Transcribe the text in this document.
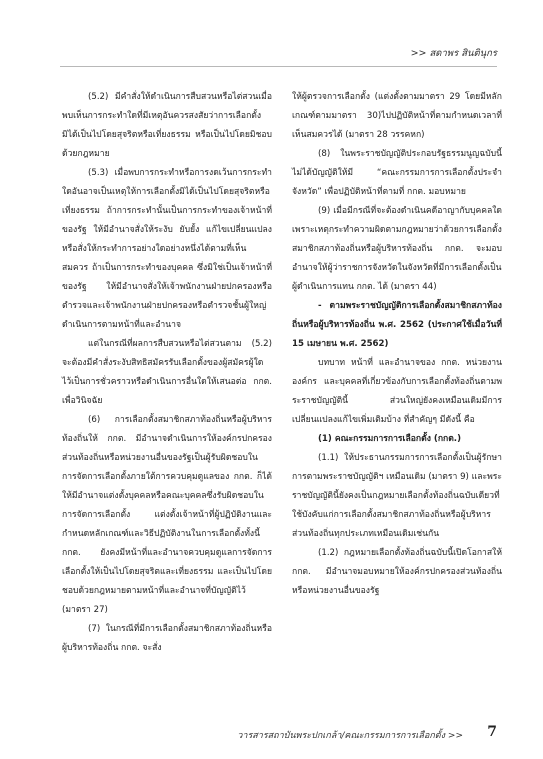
>> สดาพร สินตินุกร

(5.2) มีคำสั่งให้ดำเนินการสืบสวนหรือไต่สวนเมื่อพบเห็นการกระทำใดที่มีเหตุอันควรสงสัยว่าการเลือกตั้งมิได้เป็นไปโดยสุจริตหรือเที่ยงธรรม หรือเป็นไปโดยมิชอบด้วยกฎหมาย

(5.3) เมื่อพบการกระทำหรือการงดเว้นการกระทำใดอันอาจเป็นเหตุให้การเลือกตั้งมิได้เป็นไปโดยสุจริตหรือเที่ยงธรรม ถ้าการกระทำนั้นเป็นการกระทำของเจ้าหน้าที่ของรัฐ ให้มีอำนาจสั่งให้ระงับ ยับยั้ง แก้ไขเปลี่ยนแปลง หรือสั่งให้กระทำการอย่างใดอย่างหนึ่งได้ตามที่เห็นสมควร ถ้าเป็นการกระทำของบุคคล ซึ่งมิใช่เป็นเจ้าหน้าที่ของรัฐ ให้มีอำนาจสั่งให้เจ้าพนักงานฝ่ายปกครองหรือตำรวจและเจ้าพนักงานฝ่ายปกครองหรือตำรวจชั้นผู้ใหญ่ดำเนินการตามหน้าที่และอำนาจ

แต่ในกรณีที่ผลการสืบสวนหรือไต่สวนตาม (5.2) จะต้องมีคำสั่งระงับสิทธิสมัครรับเลือกตั้งของผู้สมัครผู้ใดไว้เป็นการชั่วคราวหรือดำเนินการอื่นใดให้เสนอต่อ กกต. เพื่อวินิจฉัย

(6) การเลือกตั้งสมาชิกสภาท้องถิ่นหรือผู้บริหารท้องถิ่นให้ กกต. มีอำนาจดำเนินการให้องค์กรปกครองส่วนท้องถิ่นหรือหน่วยงานอื่นของรัฐเป็นผู้รับผิดชอบในการจัดการเลือกตั้งภายใต้การควบคุมดูแลของ กกต. ก็ได้ให้มีอำนาจแต่งตั้งบุคคลหรือคณะบุคคลซึ่งรับผิดชอบในการจัดการเลือกตั้ง แต่งตั้งเจ้าหน้าที่ผู้ปฏิบัติงานและกำหนดหลักเกณฑ์และวิธีปฏิบัติงานในการเลือกตั้งทั้งนี้ กกต. ยังคงมีหน้าที่และอำนาจควบคุมดูแลการจัดการเลือกตั้งให้เป็นไปโดยสุจริตและเที่ยงธรรม และเป็นไปโดยชอบด้วยกฎหมายตามหน้าที่และอำนาจที่บัญญัติไว้ (มาตรา 27)

(7) ในกรณีที่มีการเลือกตั้งสมาชิกสภาท้องถิ่นหรือผู้บริหารท้องถิ่น กกต. จะสั่ง

ให้ผู้ตรวจการเลือกตั้ง (แต่งตั้งตามมาตรา 29 โดยมีหลักเกณฑ์ตามมาตรา 30)ไปปฏิบัติหน้าที่ตามกำหนดเวลาที่เห็นสมควรได้ (มาตรา 28 วรรคหก)

(8) ในพระราชบัญญัติประกอบรัฐธรรมนูญฉบับนี้ ไม่ได้บัญญัติให้มี “คณะกรรมการการเลือกตั้งประจำจังหวัด” เพื่อปฏิบัติหน้าที่ตามที่ กกต. มอบหมาย

(9) เมื่อมีกรณีที่จะต้องดำเนินคดีอาญากับบุคคลใดเพราะเหตุกระทำความผิดตามกฎหมายว่าด้วยการเลือกตั้งสมาชิกสภาท้องถิ่นหรือผู้บริหารท้องถิ่น กกต. จะมอบอำนาจให้ผู้ว่าราชการจังหวัดในจังหวัดที่มีการเลือกตั้งเป็นผู้ดำเนินการแทน กกต. ได้ (มาตรา 44)

- ตามพระราชบัญญัติการเลือกตั้งสมาชิกสภาท้องถิ่นหรือผู้บริหารท้องถิ่น พ.ศ. 2562 (ประกาศใช้เมื่อวันที่ 15 เมษายน พ.ศ. 2562)

บทบาท หน้าที่ และอำนาจของ กกต. หน่วยงาน องค์กร และบุคคลที่เกี่ยวข้องกับการเลือกตั้งท้องถิ่นตามพระราชบัญญัตินี้ ส่วนใหญ่ยังคงเหมือนเดิมมีการเปลี่ยนแปลงแก้ไขเพิ่มเติมบ้าง ที่สำคัญๆ มีดังนี้ คือ

(1) คณะกรรมการการเลือกตั้ง (กกต.)

(1.1) ให้ประธานกรรมการการเลือกตั้งเป็นผู้รักษาการตามพระราชบัญญัติฯ เหมือนเดิม (มาตรา 9) และพระราชบัญญัตินี้ยังคงเป็นกฎหมายเลือกตั้งท้องถิ่นฉบับเดียวที่ใช้บังคับแก่การเลือกตั้งสมาชิกสภาท้องถิ่นหรือผู้บริหารส่วนท้องถิ่นทุกประเภทเหมือนเดิมเช่นกัน

(1.2) กฎหมายเลือกตั้งท้องถิ่นฉบับนี้เปิดโอกาสให้ กกต. มีอำนาจมอบหมายให้องค์กรปกครองส่วนท้องถิ่น หรือหน่วยงานอื่นของรัฐ

วารสารสถาบันพระปกเกล้า/คณะกรรมการการเลือกตั้ง >> 7
